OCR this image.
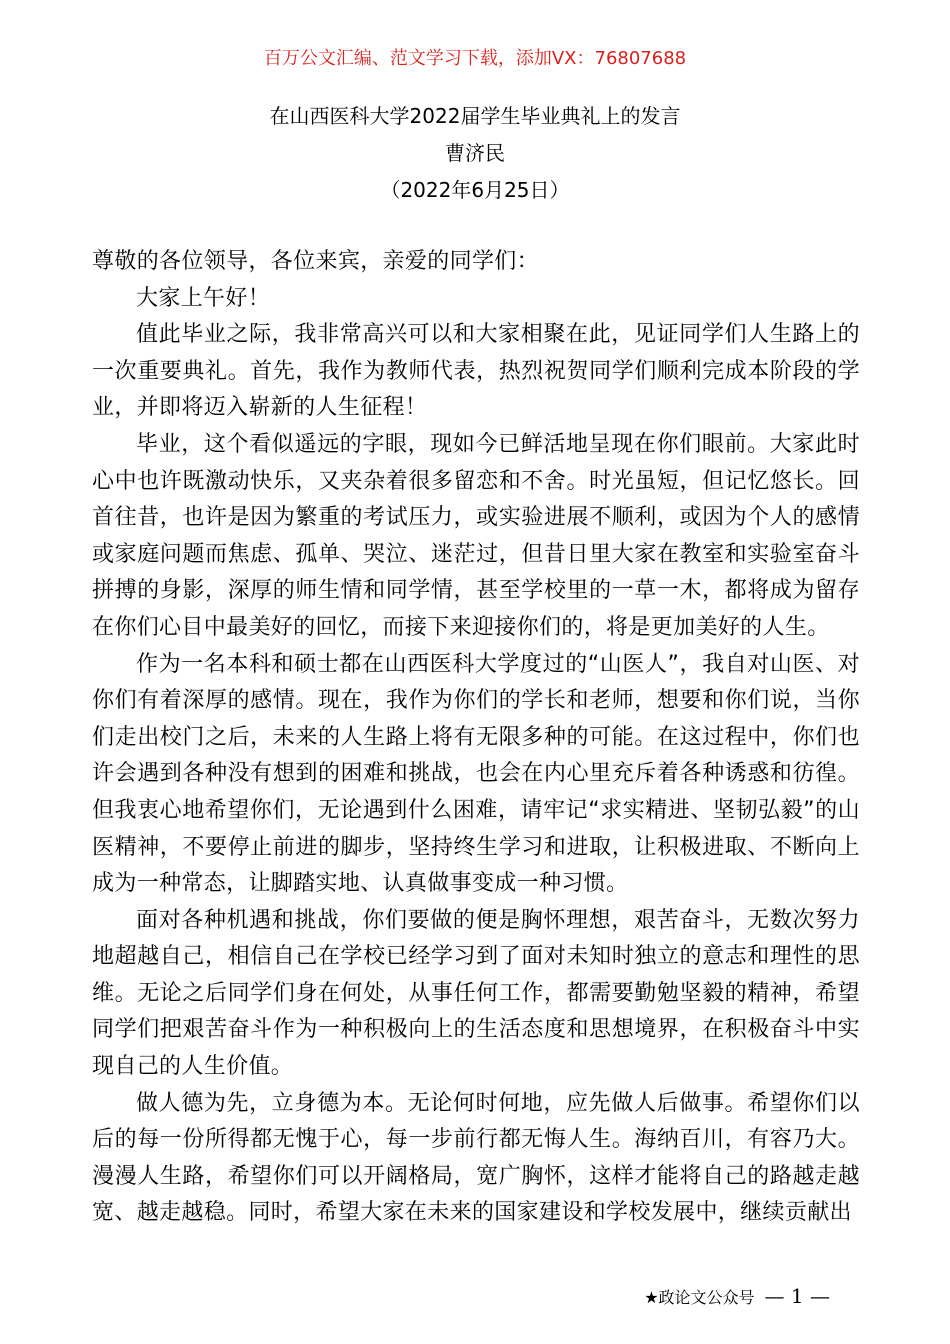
百万公文汇编、范文学习下载，添加VX：76807688
在山西医科大学2022届学生毕业典礼上的发言
曹济民
（2022年6月25日）

尊敬的各位领导，各位来宾，亲爱的同学们：

大家上午好！

值此毕业之际，我非常高兴可以和大家相聚在此，见证同学们人生路上的一次重要典礼。首先，我作为教师代表，热烈祝贺同学们顺利完成本阶段的学业，并即将迈入崭新的人生征程！

毕业，这个看似遥远的字眼，现如今已鲜活地呈现在你们眼前。大家此时心中也许既激动快乐，又夹杂着很多留恋和不舍。时光虽短，但记忆悠长。回首往昔，也许是因为繁重的考试压力，或实验进展不顺利，或因为个人的感情或家庭问题而焦虑、孤单、哭泣、迷茫过，但昔日里大家在教室和实验室奋斗拼搏的身影，深厚的师生情和同学情，甚至学校里的一草一木，都将成为留存在你们心目中最美好的回忆，而接下来迎接你们的，将是更加美好的人生。

作为一名本科和硕士都在山西医科大学度过的“山医人”，我自对山医、对你们有着深厚的感情。现在，我作为你们的学长和老师，想要和你们说，当你们走出校门之后，未来的人生路上将有无限多种的可能。在这过程中，你们也许会遇到各种没有想到的困难和挑战，也会在内心里充斥着各种诱惑和彷徨。但我衷心地希望你们，无论遇到什么困难，请牢记“求实精进、坚韧弘毅”的山医精神，不要停止前进的脚步，坚持终生学习和进取，让积极进取、不断向上成为一种常态，让脚踏实地、认真做事变成一种习惯。

面对各种机遇和挑战，你们要做的便是胸怀理想，艰苦奋斗，无数次努力地超越自己，相信自己在学校已经学习到了面对未知时独立的意志和理性的思维。无论之后同学们身在何处，从事任何工作，都需要勤勉坚毅的精神，希望同学们把艰苦奋斗作为一种积极向上的生活态度和思想境界，在积极奋斗中实现自己的人生价值。

做人德为先，立身德为本。无论何时何地，应先做人后做事。希望你们以后的每一份所得都无愧于心，每一步前行都无悔人生。海纳百川，有容乃大。漫漫人生路，希望你们可以开阔格局，宽广胸怀，这样才能将自己的路越走越宽、越走越稳。同时，希望大家在未来的国家建设和学校发展中，继续贡献出

★政论文公众号 — 1 —
